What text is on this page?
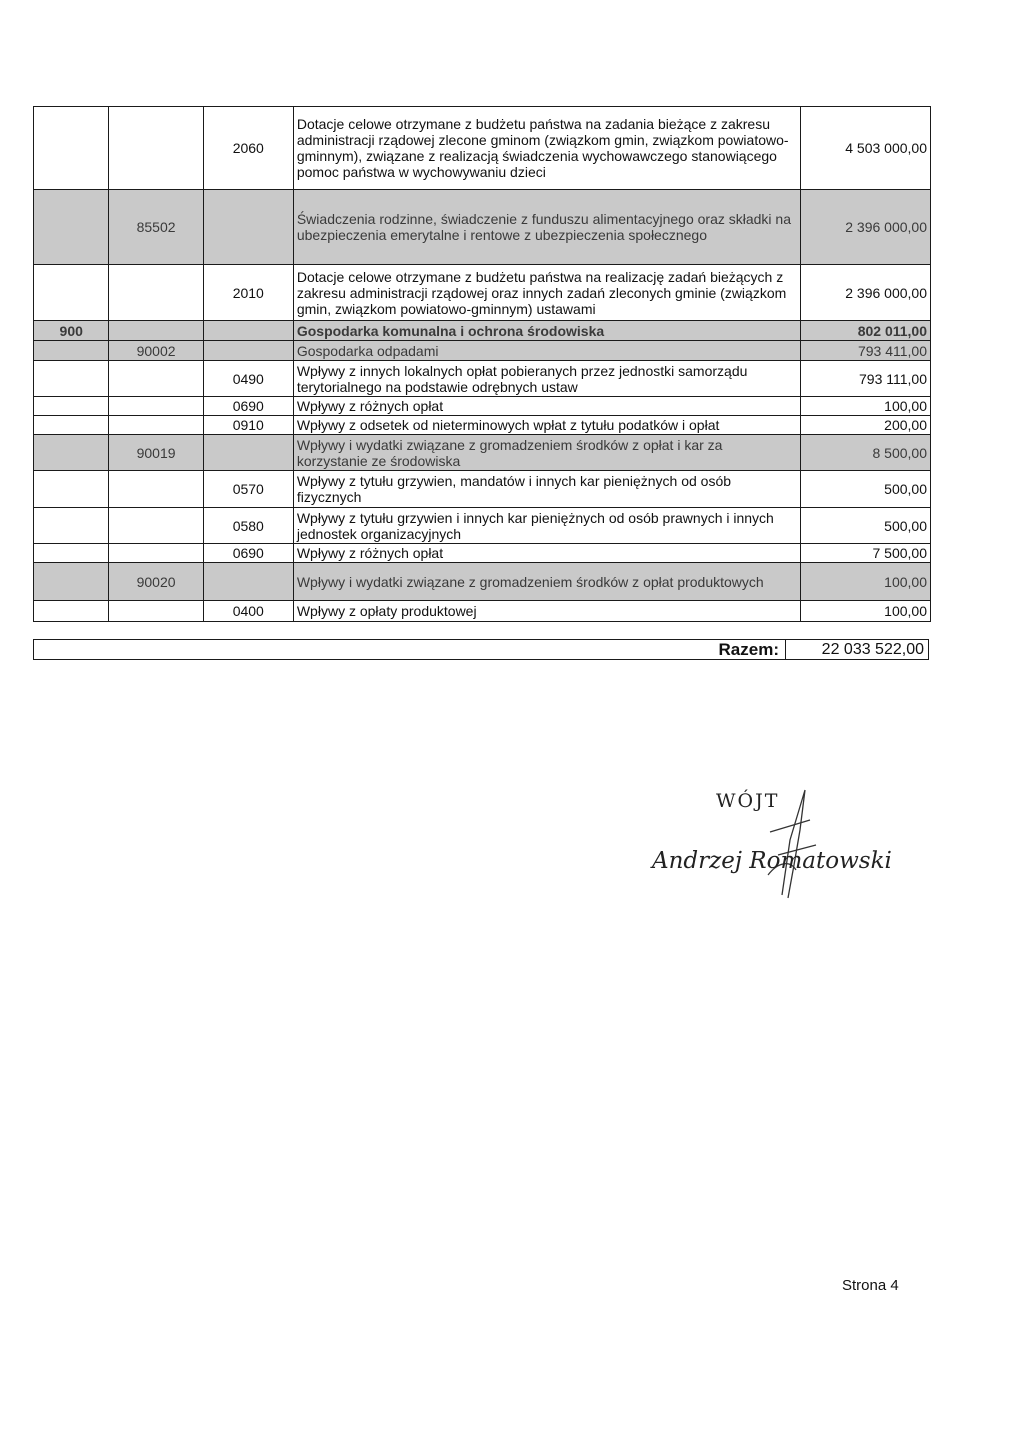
		2060	Dotacje celowe otrzymane z budżetu państwa na zadania bieżące z zakresu administracji rządowej zlecone gminom (związkom gmin, związkom powiatowo-gminnym), związane z realizacją świadczenia wychowawczego stanowiącego pomoc państwa w wychowywaniu dzieci	4 503 000,00
	85502		Świadczenia rodzinne, świadczenie z funduszu alimentacyjnego oraz składki na ubezpieczenia emerytalne i rentowe z ubezpieczenia społecznego	2 396 000,00
		2010	Dotacje celowe otrzymane z budżetu państwa na realizację zadań bieżących z zakresu administracji rządowej oraz innych zadań zleconych gminie (związkom gmin, związkom powiatowo-gminnym) ustawami	2 396 000,00
900			Gospodarka komunalna i ochrona środowiska	802 011,00
	90002		Gospodarka odpadami	793 411,00
		0490	Wpływy z innych lokalnych opłat pobieranych przez jednostki samorządu terytorialnego na podstawie odrębnych ustaw	793 111,00
		0690	Wpływy z różnych opłat	100,00
		0910	Wpływy z odsetek od nieterminowych wpłat z tytułu podatków i opłat	200,00
	90019		Wpływy i wydatki związane z gromadzeniem środków z opłat i kar za korzystanie ze środowiska	8 500,00
		0570	Wpływy z tytułu grzywien, mandatów i innych kar pieniężnych od osób fizycznych	500,00
		0580	Wpływy z tytułu grzywien i innych kar pieniężnych od osób prawnych i innych jednostek organizacyjnych	500,00
		0690	Wpływy z różnych opłat	7 500,00
	90020		Wpływy i wydatki związane z gromadzeniem środków z opłat produktowych	100,00
		0400	Wpływy z opłaty produktowej	100,00
Razem:	22 033 522,00
WÓJT
Andrzej Romatowski
Strona 4
